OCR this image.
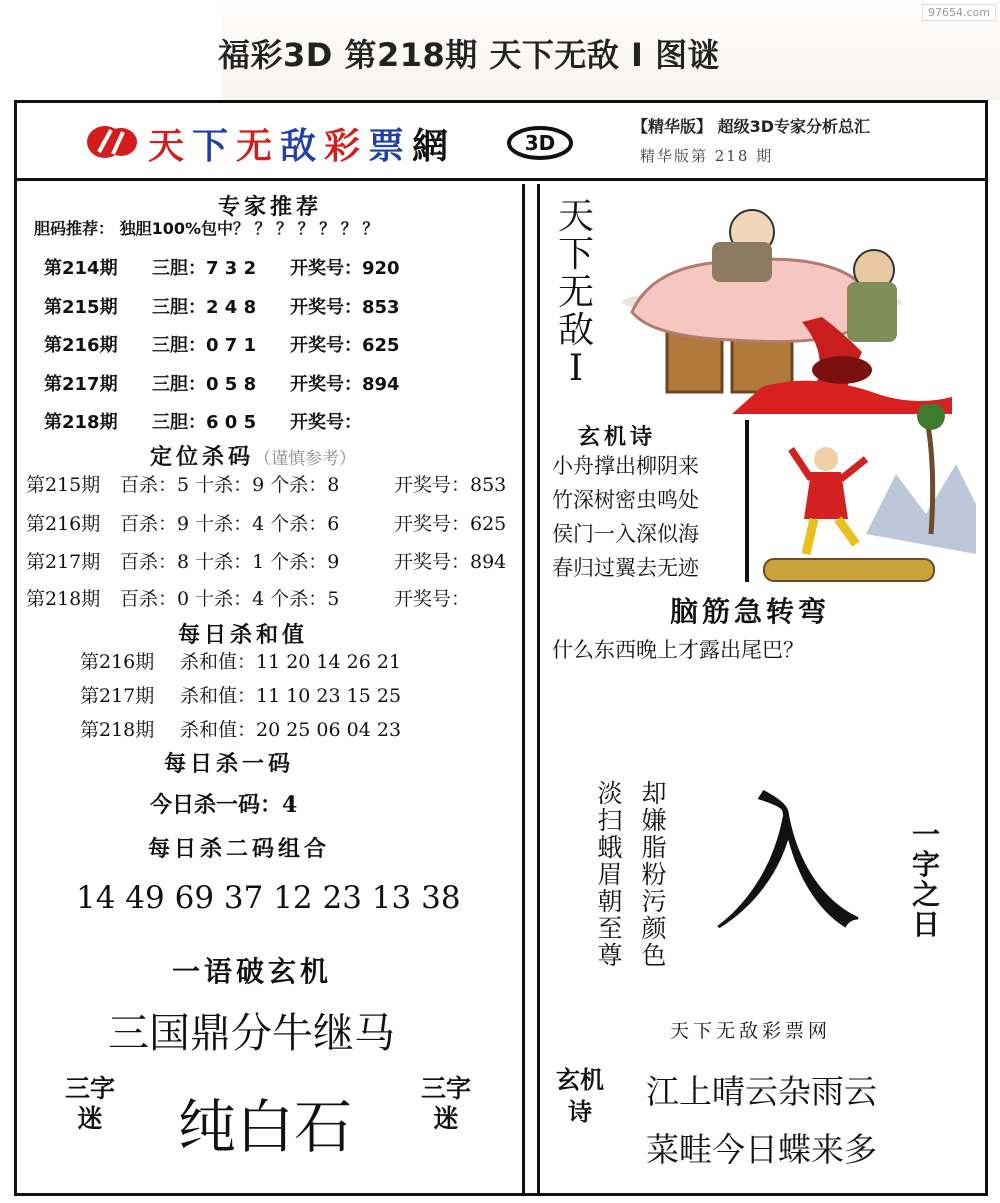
97654.com
福彩3D 第218期 天下无敌 I 图谜
天下无敌彩票網	3D
【精华版】 超级3D专家分析总汇
精华版第 218 期
专家推荐
胆码推荐： 独胆100%包中？ ？ ？ ？ ？ ？ ？
第214期 三胆：7 3 2 开奖号：920
第215期 三胆：2 4 8 开奖号：853
第216期 三胆：0 7 1 开奖号：625
第217期 三胆：0 5 8 开奖号：894
第218期 三胆：6 0 5 开奖号：
定位杀码（谨慎参考）
第215期 百杀：5 十杀：9 个杀：8	开奖号：853
第216期 百杀：9 十杀：4 个杀：6	开奖号：625
第217期 百杀：8 十杀：1 个杀：9	开奖号：894
第218期 百杀：0 十杀：4 个杀：5	开奖号：
每日杀和值
第216期 杀和值：11 20 14 26 21
第217期 杀和值：11 10 23 15 25
第218期 杀和值：20 25 06 04 23
每日杀一码
今日杀一码：4
每日杀二码组合
14 49 69 37 12 23 13 38
一语破玄机
三国鼎分牛继马
三字迷 纯白石
三字迷
天下无敌I
玄机诗
小舟撑出柳阴来
竹深树密虫鸣处
侯门一入深似海
春归过翼去无迹
脑筋急转弯
什么东西晚上才露出尾巴？
却嫌脂粉污颜色
淡扫蛾眉朝至尊 入	一字之日
天下无敌彩票网
玄机诗
江上晴云杂雨云
菜畦今日蝶来多
